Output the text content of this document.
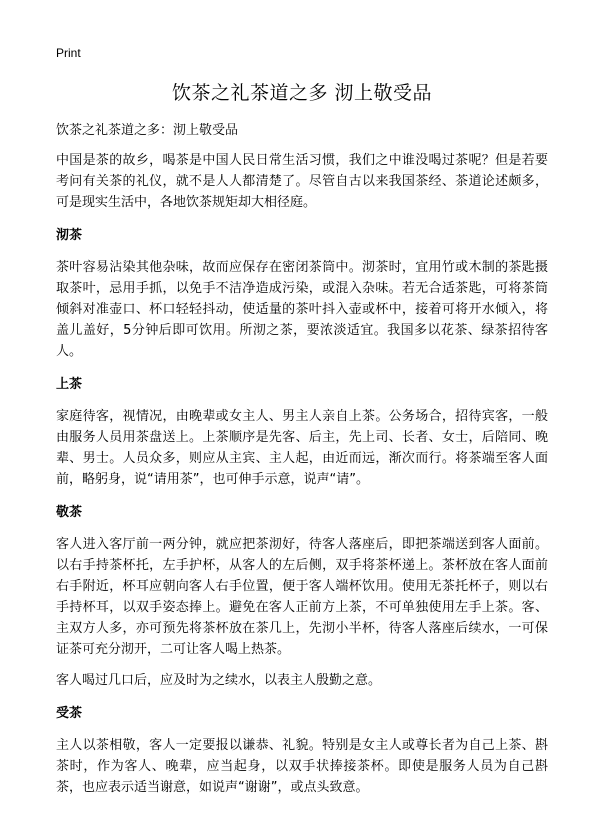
Print
饮茶之礼茶道之多 沏上敬受品

饮茶之礼茶道之多：沏上敬受品

中国是茶的故乡，喝茶是中国人民日常生活习惯，我们之中谁没喝过茶呢？但是若要考问有关茶的礼仪，就不是人人都清楚了。尽管自古以来我国茶经、茶道论述颇多，可是现实生活中，各地饮茶规矩却大相径庭。

沏茶

茶叶容易沾染其他杂味，故而应保存在密闭茶筒中。沏茶时，宜用竹或木制的茶匙摄取茶叶，忌用手抓，以免手不洁净造成污染，或混入杂味。若无合适茶匙，可将茶筒倾斜对准壶口、杯口轻轻抖动，使适量的茶叶抖入壶或杯中，接着可将开水倾入，将盖儿盖好，5分钟后即可饮用。所沏之茶，要浓淡适宜。我国多以花茶、绿茶招待客人。

上茶

家庭待客，视情况，由晚辈或女主人、男主人亲自上茶。公务场合，招待宾客，一般由服务人员用茶盘送上。上茶顺序是先客、后主，先上司、长者、女士，后陪同、晚辈、男士。人员众多，则应从主宾、主人起，由近而远，渐次而行。将茶端至客人面前，略躬身，说“请用茶”，也可伸手示意，说声“请”。

敬茶

客人进入客厅前一两分钟，就应把茶沏好，待客人落座后，即把茶端送到客人面前。以右手持茶杯托，左手护杯，从客人的左后侧，双手将茶杯递上。茶杯放在客人面前右手附近，杯耳应朝向客人右手位置，便于客人端杯饮用。使用无茶托杯子，则以右手持杯耳，以双手姿态捧上。避免在客人正前方上茶，不可单独使用左手上茶。客、主双方人多，亦可预先将茶杯放在茶几上，先沏小半杯，待客人落座后续水，一可保证茶可充分沏开，二可让客人喝上热茶。

客人喝过几口后，应及时为之续水，以表主人殷勤之意。

受茶

主人以茶相敬，客人一定要报以谦恭、礼貌。特别是女主人或尊长者为自己上茶、斟茶时，作为客人、晚辈，应当起身，以双手状捧接茶杯。即使是服务人员为自己斟茶，也应表示适当谢意，如说声“谢谢”，或点头致意。
